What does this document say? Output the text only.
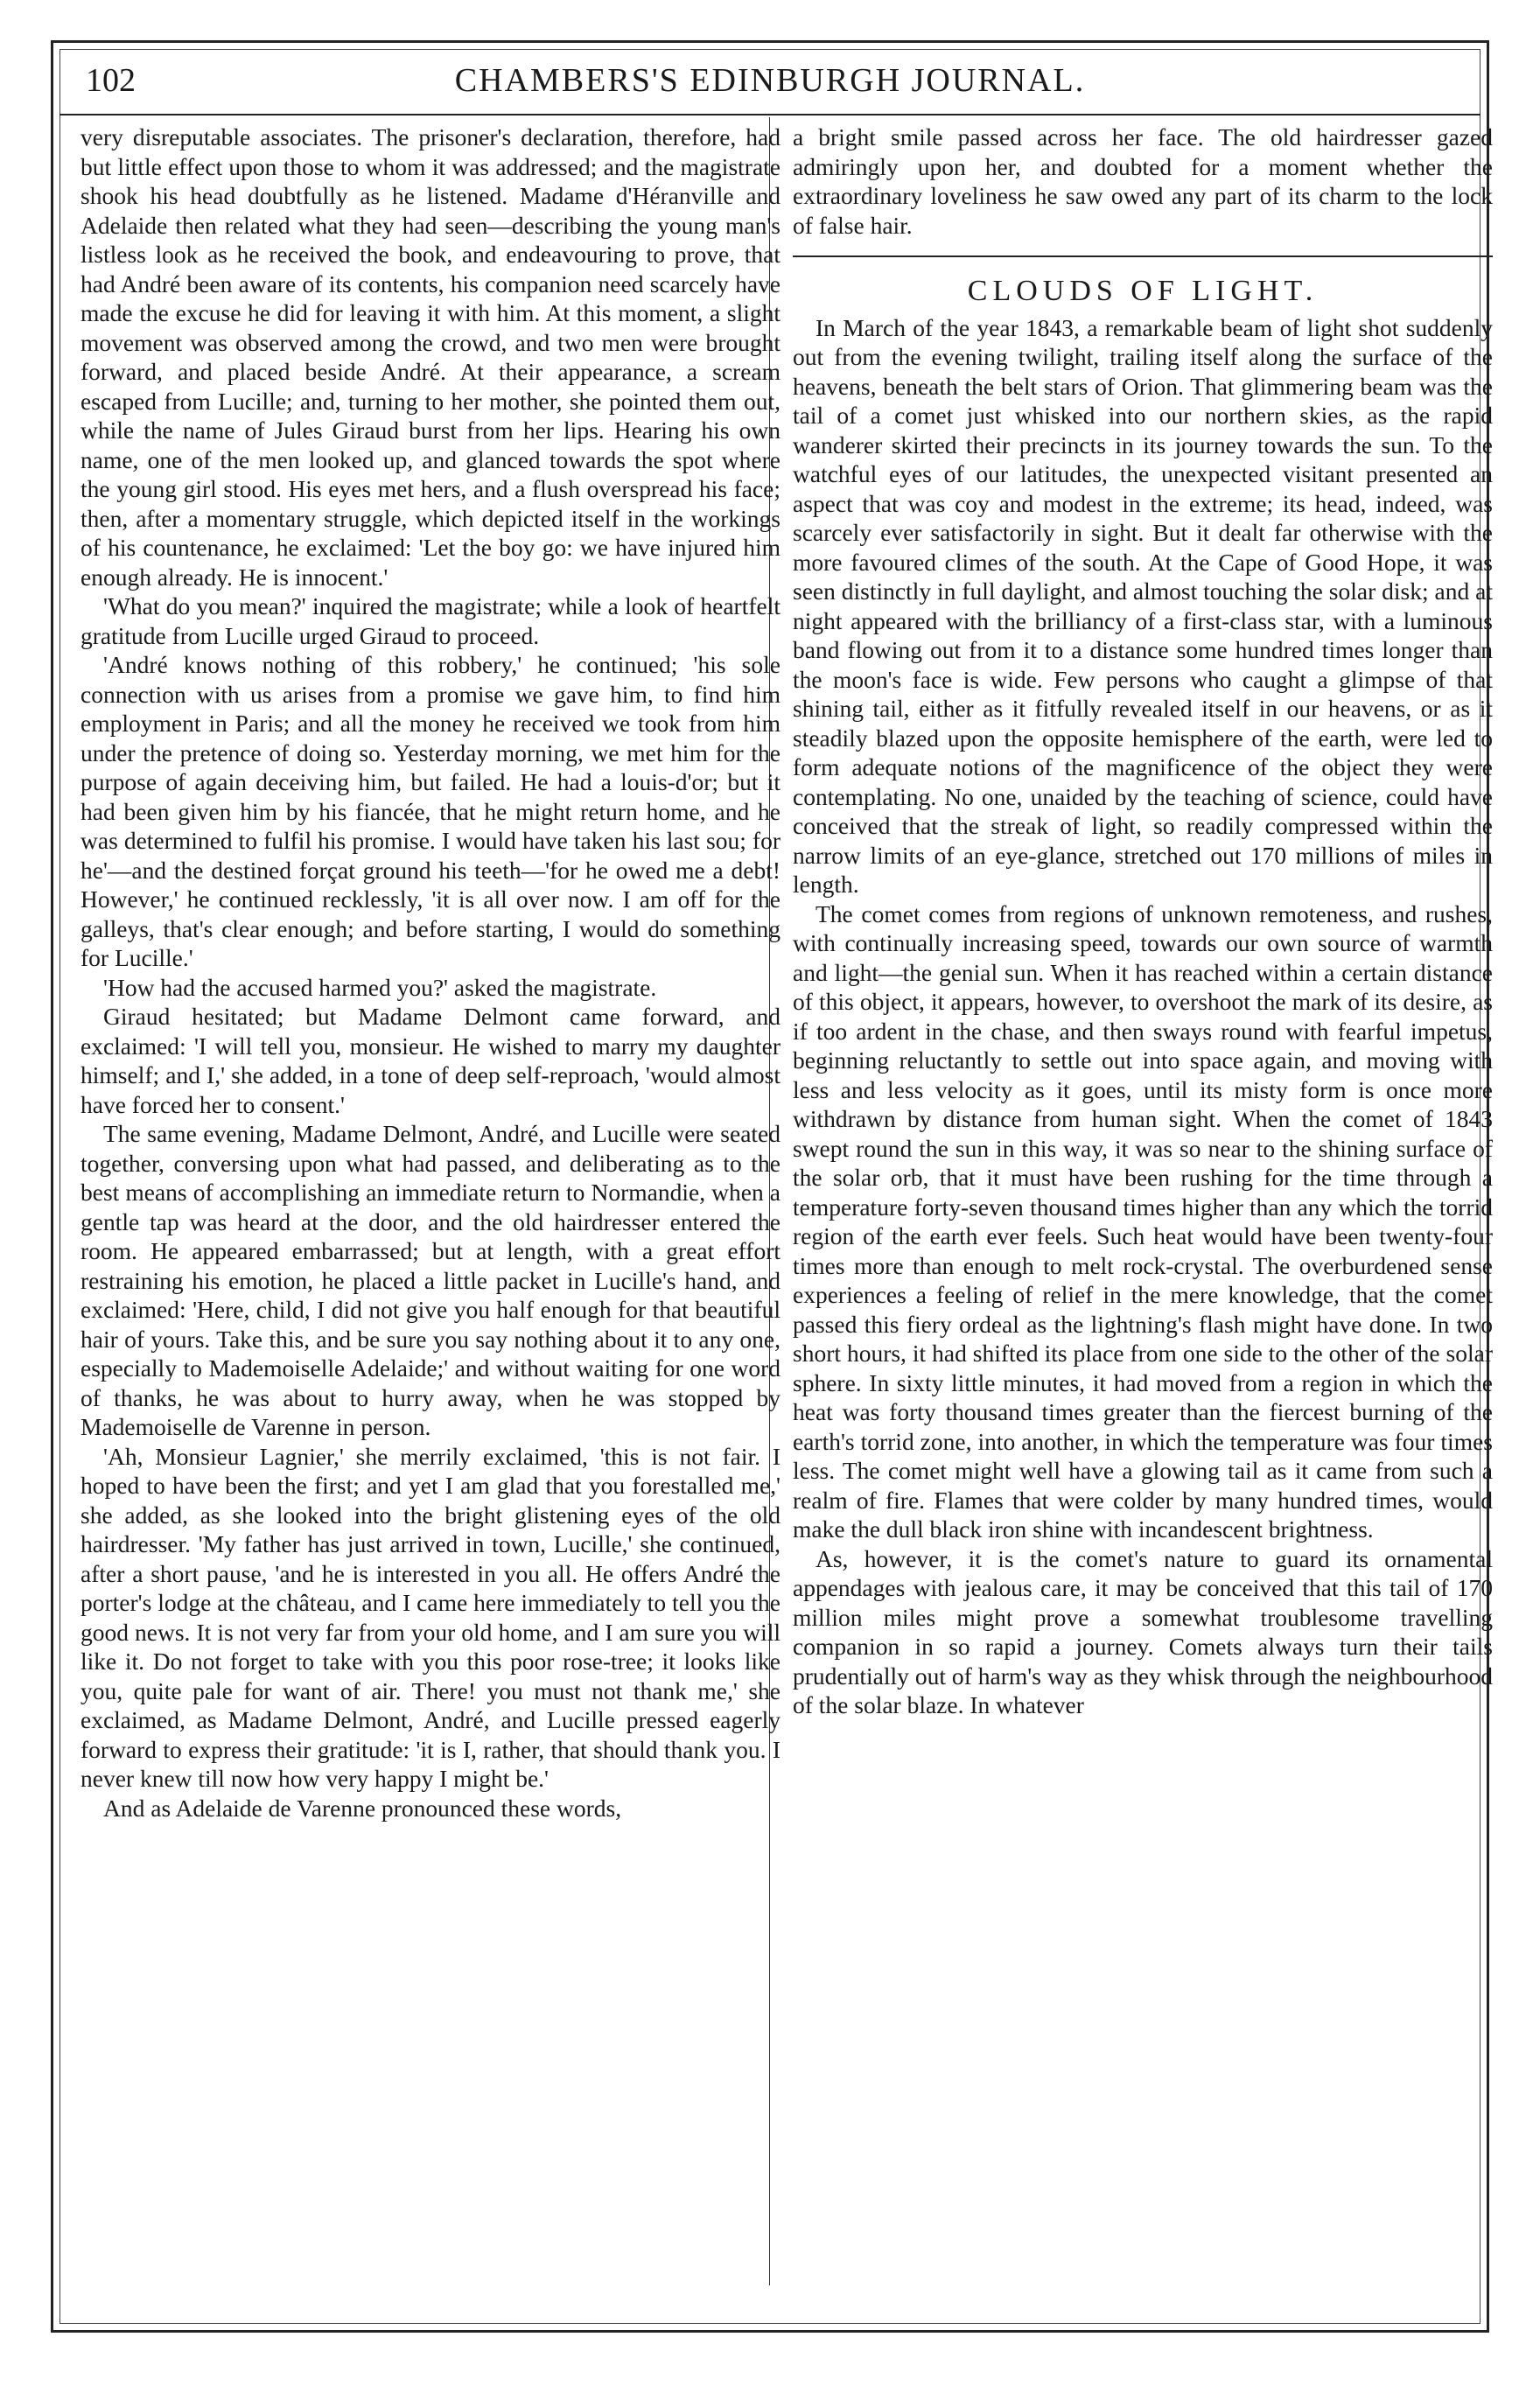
102	CHAMBERS'S EDINBURGH JOURNAL.

very disreputable associates. The prisoner's declaration, therefore, had but little effect upon those to whom it was addressed; and the magistrate shook his head doubtfully as he listened. Madame d'Héranville and Adelaide then related what they had seen—describing the young man's listless look as he received the book, and endeavouring to prove, that had André been aware of its contents, his companion need scarcely have made the excuse he did for leaving it with him. At this moment, a slight movement was observed among the crowd, and two men were brought forward, and placed beside André. At their appearance, a scream escaped from Lucille; and, turning to her mother, she pointed them out, while the name of Jules Giraud burst from her lips. Hearing his own name, one of the men looked up, and glanced towards the spot where the young girl stood. His eyes met hers, and a flush overspread his face; then, after a momentary struggle, which depicted itself in the workings of his countenance, he exclaimed: 'Let the boy go: we have injured him enough already. He is innocent.'

'What do you mean?' inquired the magistrate; while a look of heartfelt gratitude from Lucille urged Giraud to proceed.

'André knows nothing of this robbery,' he continued; 'his sole connection with us arises from a promise we gave him, to find him employment in Paris; and all the money he received we took from him under the pretence of doing so. Yesterday morning, we met him for the purpose of again deceiving him, but failed. He had a louis-d'or; but it had been given him by his fiancée, that he might return home, and he was determined to fulfil his promise. I would have taken his last sou; for he'—and the destined forçat ground his teeth—'for he owed me a debt! However,' he continued recklessly, 'it is all over now. I am off for the galleys, that's clear enough; and before starting, I would do something for Lucille.'

'How had the accused harmed you?' asked the magistrate.

Giraud hesitated; but Madame Delmont came forward, and exclaimed: 'I will tell you, monsieur. He wished to marry my daughter himself; and I,' she added, in a tone of deep self-reproach, 'would almost have forced her to consent.'

The same evening, Madame Delmont, André, and Lucille were seated together, conversing upon what had passed, and deliberating as to the best means of accomplishing an immediate return to Normandie, when a gentle tap was heard at the door, and the old hairdresser entered the room. He appeared embarrassed; but at length, with a great effort restraining his emotion, he placed a little packet in Lucille's hand, and exclaimed: 'Here, child, I did not give you half enough for that beautiful hair of yours. Take this, and be sure you say nothing about it to any one, especially to Mademoiselle Adelaide;' and without waiting for one word of thanks, he was about to hurry away, when he was stopped by Mademoiselle de Varenne in person.

'Ah, Monsieur Lagnier,' she merrily exclaimed, 'this is not fair. I hoped to have been the first; and yet I am glad that you forestalled me,' she added, as she looked into the bright glistening eyes of the old hairdresser. 'My father has just arrived in town, Lucille,' she continued, after a short pause, 'and he is interested in you all. He offers André the porter's lodge at the château, and I came here immediately to tell you the good news. It is not very far from your old home, and I am sure you will like it. Do not forget to take with you this poor rose-tree; it looks like you, quite pale for want of air. There! you must not thank me,' she exclaimed, as Madame Delmont, André, and Lucille pressed eagerly forward to express their gratitude: 'it is I, rather, that should thank you. I never knew till now how very happy I might be.'

And as Adelaide de Varenne pronounced these words,

a bright smile passed across her face. The old hairdresser gazed admiringly upon her, and doubted for a moment whether the extraordinary loveliness he saw owed any part of its charm to the lock of false hair.

CLOUDS OF LIGHT.

In March of the year 1843, a remarkable beam of light shot suddenly out from the evening twilight, trailing itself along the surface of the heavens, beneath the belt stars of Orion. That glimmering beam was the tail of a comet just whisked into our northern skies, as the rapid wanderer skirted their precincts in its journey towards the sun. To the watchful eyes of our latitudes, the unexpected visitant presented an aspect that was coy and modest in the extreme; its head, indeed, was scarcely ever satisfactorily in sight. But it dealt far otherwise with the more favoured climes of the south. At the Cape of Good Hope, it was seen distinctly in full daylight, and almost touching the solar disk; and at night appeared with the brilliancy of a first-class star, with a luminous band flowing out from it to a distance some hundred times longer than the moon's face is wide. Few persons who caught a glimpse of that shining tail, either as it fitfully revealed itself in our heavens, or as it steadily blazed upon the opposite hemisphere of the earth, were led to form adequate notions of the magnificence of the object they were contemplating. No one, unaided by the teaching of science, could have conceived that the streak of light, so readily compressed within the narrow limits of an eye-glance, stretched out 170 millions of miles in length.

The comet comes from regions of unknown remoteness, and rushes, with continually increasing speed, towards our own source of warmth and light—the genial sun. When it has reached within a certain distance of this object, it appears, however, to overshoot the mark of its desire, as if too ardent in the chase, and then sways round with fearful impetus, beginning reluctantly to settle out into space again, and moving with less and less velocity as it goes, until its misty form is once more withdrawn by distance from human sight. When the comet of 1843 swept round the sun in this way, it was so near to the shining surface of the solar orb, that it must have been rushing for the time through a temperature forty-seven thousand times higher than any which the torrid region of the earth ever feels. Such heat would have been twenty-four times more than enough to melt rock-crystal. The overburdened sense experiences a feeling of relief in the mere knowledge, that the comet passed this fiery ordeal as the lightning's flash might have done. In two short hours, it had shifted its place from one side to the other of the solar sphere. In sixty little minutes, it had moved from a region in which the heat was forty thousand times greater than the fiercest burning of the earth's torrid zone, into another, in which the temperature was four times less. The comet might well have a glowing tail as it came from such a realm of fire. Flames that were colder by many hundred times, would make the dull black iron shine with incandescent brightness.

As, however, it is the comet's nature to guard its ornamental appendages with jealous care, it may be conceived that this tail of 170 million miles might prove a somewhat troublesome travelling companion in so rapid a journey. Comets always turn their tails prudentially out of harm's way as they whisk through the neighbourhood of the solar blaze. In whatever
